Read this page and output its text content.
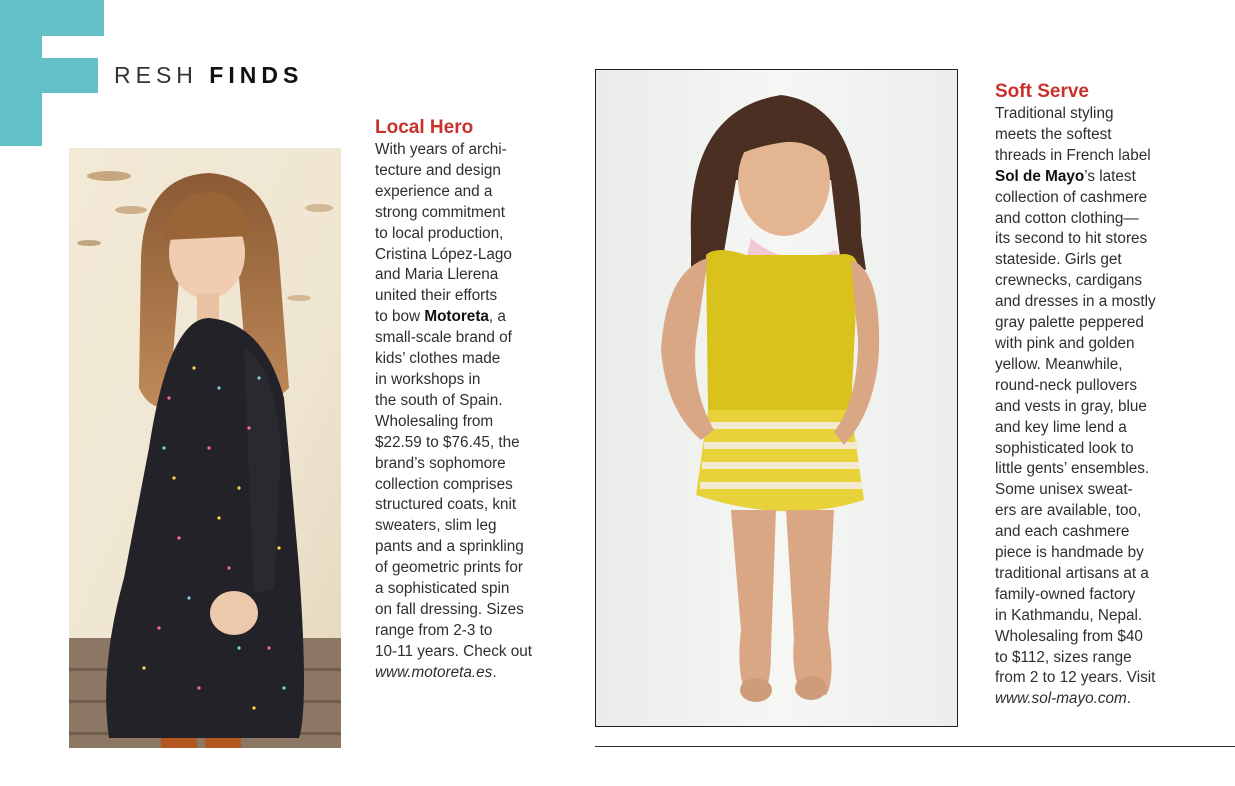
RESH FINDS
Local Hero
With years of archi-
tecture and design
experience and a
strong commitment
to local production,
Cristina López-Lago
and Maria Llerena
united their efforts
to bow Motoreta, a
small-scale brand of
kids’ clothes made
in workshops in
the south of Spain.
Wholesaling from
$22.59 to $76.45, the
brand’s sophomore
collection comprises
structured coats, knit
sweaters, slim leg
pants and a sprinkling
of geometric prints for
a sophisticated spin
on fall dressing. Sizes
range from 2-3 to
10-11 years. Check out
www.motoreta.es.
Soft Serve
Traditional styling
meets the softest
threads in French label
Sol de Mayo’s latest
collection of cashmere
and cotton clothing—
its second to hit stores
stateside. Girls get
crewnecks, cardigans
and dresses in a mostly
gray palette peppered
with pink and golden
yellow. Meanwhile,
round-neck pullovers
and vests in gray, blue
and key lime lend a
sophisticated look to
little gents’ ensembles.
Some unisex sweat-
ers are available, too,
and each cashmere
piece is handmade by
traditional artisans at a
family-owned factory
in Kathmandu, Nepal.
Wholesaling from $40
to $112, sizes range
from 2 to 12 years. Visit
www.sol-mayo.com.
